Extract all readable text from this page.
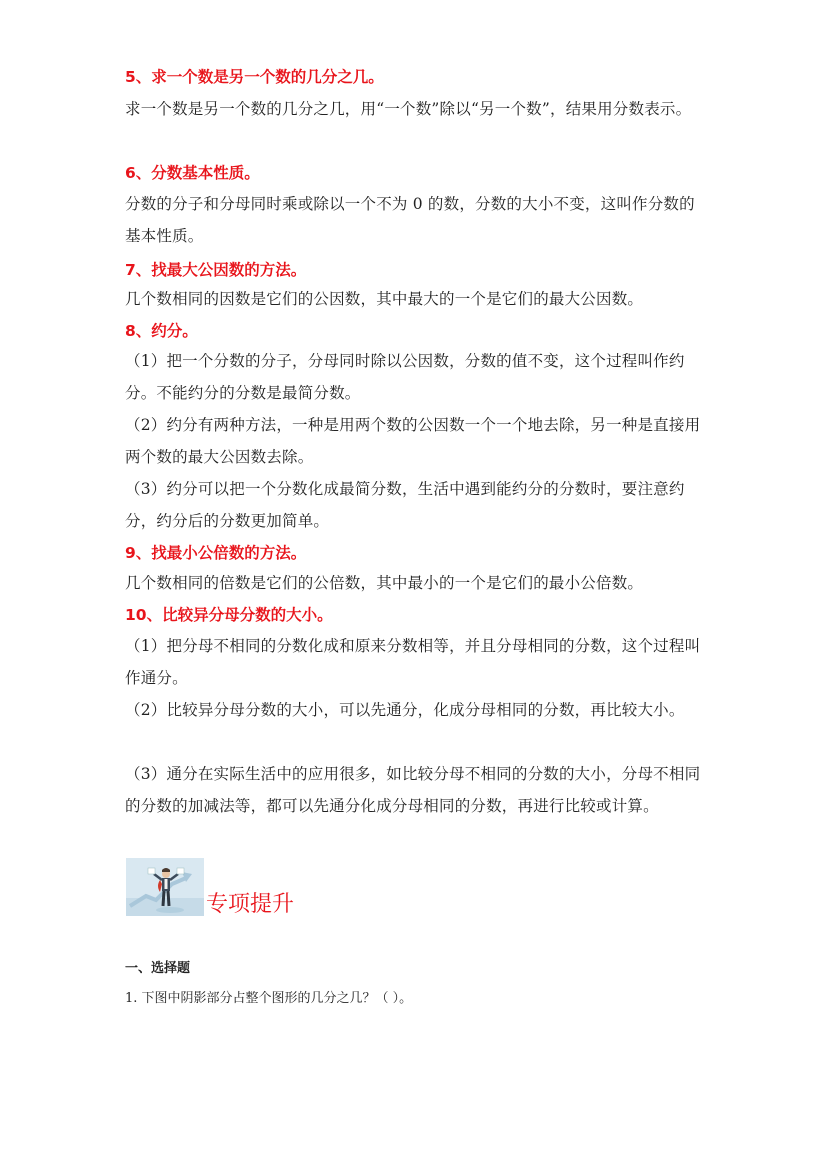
5、求一个数是另一个数的几分之几。
求一个数是另一个数的几分之几，用“一个数”除以“另一个数”，结果用分数表示。
6、分数基本性质。
分数的分子和分母同时乘或除以一个不为 0 的数，分数的大小不变，这叫作分数的基本性质。
7、找最大公因数的方法。
几个数相同的因数是它们的公因数，其中最大的一个是它们的最大公因数。
8、约分。
（1）把一个分数的分子，分母同时除以公因数，分数的值不变，这个过程叫作约分。不能约分的分数是最简分数。
（2）约分有两种方法，一种是用两个数的公因数一个一个地去除，另一种是直接用两个数的最大公因数去除。
（3）约分可以把一个分数化成最简分数，生活中遇到能约分的分数时，要注意约分，约分后的分数更加简单。
9、找最小公倍数的方法。
几个数相同的倍数是它们的公倍数，其中最小的一个是它们的最小公倍数。
10、比较异分母分数的大小。
（1）把分母不相同的分数化成和原来分数相等，并且分母相同的分数，这个过程叫作通分。
（2）比较异分母分数的大小，可以先通分，化成分母相同的分数，再比较大小。
（3）通分在实际生活中的应用很多，如比较分母不相同的分数的大小，分母不相同的分数的加减法等，都可以先通分化成分母相同的分数，再进行比较或计算。
专项提升
一、选择题
1. 下图中阴影部分占整个图形的几分之几？（ ）。
